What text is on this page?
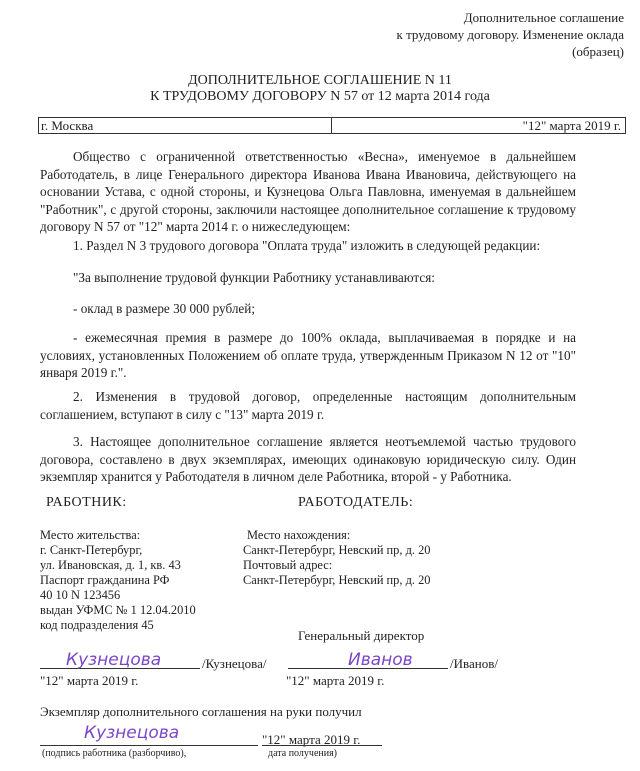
Дополнительное соглашение
к трудовому договору. Изменение оклада
(образец)
ДОПОЛНИТЕЛЬНОЕ СОГЛАШЕНИЕ N 11
К ТРУДОВОМУ ДОГОВОРУ N 57 от 12 марта 2014 года
г. Москва	"12" марта 2019 г.
Общество с ограниченной ответственностью «Весна», именуемое в дальнейшем Работодатель, в лице Генерального директора Иванова Ивана Ивановича, действующего на основании Устава, с одной стороны, и Кузнецова Ольга Павловна, именуемая в дальнейшем "Работник", с другой стороны, заключили настоящее дополнительное соглашение к трудовому договору N 57 от "12" марта 2014 г. о нижеследующем:
1. Раздел N 3 трудового договора "Оплата труда" изложить в следующей редакции:
"За выполнение трудовой функции Работнику устанавливаются:
- оклад в размере 30 000 рублей;
- ежемесячная премия в размере до 100% оклада, выплачиваемая в порядке и на условиях, установленных Положением об оплате труда, утвержденным Приказом N 12 от "10" января 2019 г.".
2. Изменения в трудовой договор, определенные настоящим дополнительным соглашением, вступают в силу с "13" марта 2019 г.
3. Настоящее дополнительное соглашение является неотъемлемой частью трудового договора, составлено в двух экземплярах, имеющих одинаковую юридическую силу. Один экземпляр хранится у Работодателя в личном деле Работника, второй - у Работника.
РАБОТНИК:	РАБОТОДАТЕЛЬ:
Место жительства:
г. Санкт-Петербург,
ул. Ивановская, д. 1, кв. 43
Паспорт гражданина РФ
40 10 N 123456
выдан УФМС № 1 12.04.2010
код подразделения 45
Место нахождения:
Санкт-Петербург, Невский пр, д. 20
Почтовый адрес:
Санкт-Петербург, Невский пр, д. 20
Генеральный директор
Кузнецова	/Кузнецова/
"12" марта 2019 г.
Иванов	/Иванов/
"12" марта 2019 г.
Экземпляр дополнительного соглашения на руки получил
Кузнецова	"12" марта 2019 г.
(подпись работника (разборчиво),	дата получения)
